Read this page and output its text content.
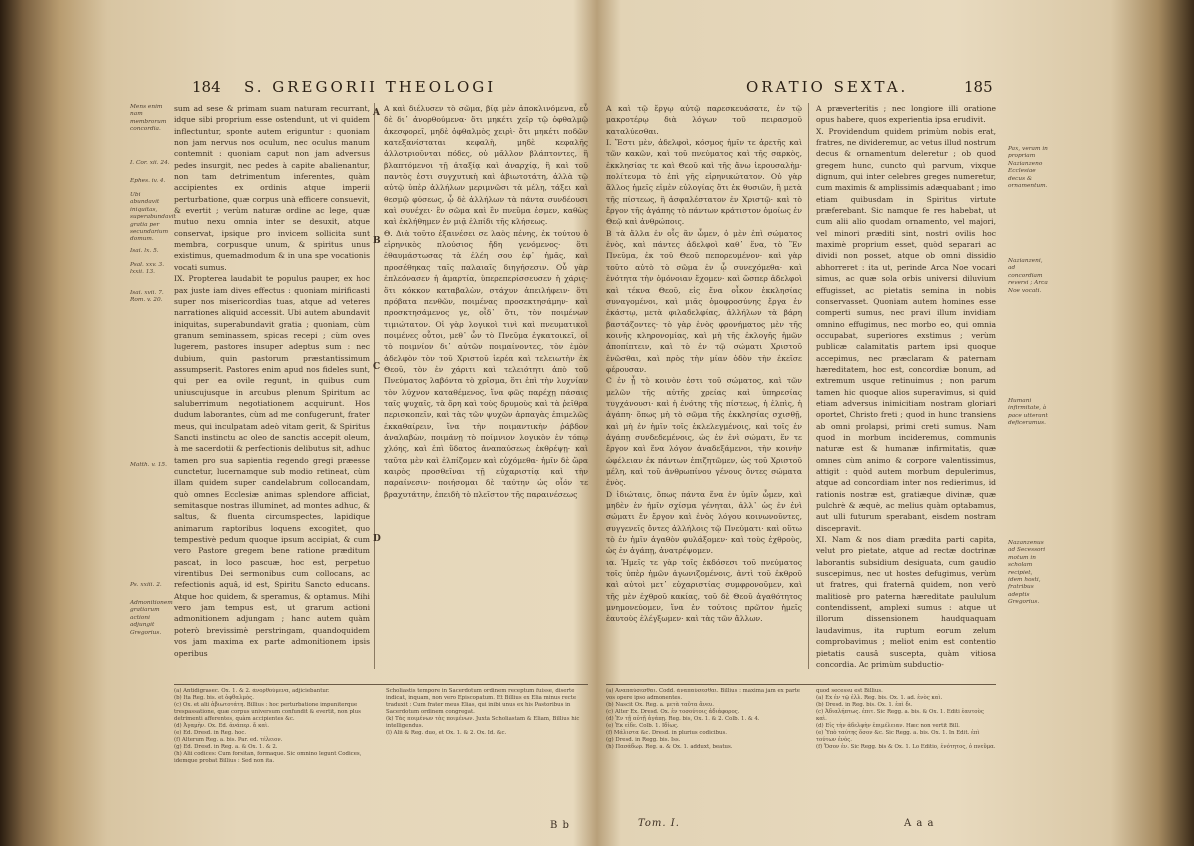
184 S. GREGORII THEOLOGI
Mens enim nam membrorum concordia.
I. Cor. xii. 24.
Ephes. iv. 4.
Ubi abundavit iniquitas, superabundavit gratia per secundarium domum.
Isai. lx. 5.
Psal. xxv. 3. lxxii. 13.
Isai. xvii. 7. Rom. v. 20.
Matth. v. 15.
Ps. xxiii. 2.
Admonitionem gratiarum actioni adjungit Gregorius.

sum ad sese & primam suam naturam recurrant, idque sibi proprium esse ostendunt, ut vi quidem inflectuntur, sponte autem eriguntur : quoniam non jam nervus nos oculum, nec oculus manum contemnit : quoniam caput non jam adversus pedes insurgit, nec pedes à capite abalienantur, non tam detrimentum inferentes, quàm accipientes ex ordinis atque imperii perturbatione, quæ corpus unà efficere consuevit, & evertit ; verùm naturæ ordine ac lege, quæ mutuo nexu omnia inter se desuxit, atque conservat, ipsique pro invicem sollicita sunt membra, corpusque unum, & spiritus unus existimus, quemadmodum & in una spe vocationis vocati sumus.

IX. Propterea laudabit te populus pauper, ex hoc pax juste iam dives effectus : quoniam mirificasti super nos misericordias tuas, atque ad veteres narrationes aliquid accessit. Ubi autem abundavit iniquitas, superabundavit gratia ; quoniam, cùm granum seminassem, spicas recepi ; cùm oves lugerem, pastores insuper adeptus sum : nec dubium, quin pastorum præstantissimum assumpserit. Pastores enim apud nos fideles sunt, qui per ea ovile regunt, in quibus cum uniuscujusque in arcubus plenum Spiritum ac saluberrimum negotiationem acquirunt. Hos dudum laborantes, cùm ad me confugerunt, frater meus, qui inculpatam adeò vitam gerit, & Spiritus Sancti instinctu ac oleo de sanctis accepit oleum, à me sacerdotii & perfectionis delibutus sit, adhuc tamen pro sua sapientia regendo gregi præesse cunctetur, lucernamque sub modio retineat, cùm illam quidem super candelabrum collocandam, quò omnes Ecclesiæ animas splendore afficiat, semitasque nostras illuminet, ad montes adhuc, & saltus, & fluenta circumspectes, lapidique animarum raptoribus loquens excogitet, quo tempestivè pedum quoque ipsum accipiat, & cum vero Pastore gregem bene ratione præditum pascat, in loco pascuæ, hoc est, perpetuo virentibus Dei sermonibus cum collocans, ac refectionis aquâ, id est, Spiritu Sancto educans. Atque hoc quidem, & speramus, & optamus. Mihi vero jam tempus est, ut grarum actioni admonitionem adjungam ; hanc autem quàm poterò brevissimè perstringam, quandoquidem vos jam maxima ex parte admonitionem ipsis operibus

A
B
C
D

A καὶ διέλυσεν τὸ σῶμα, βίᾳ μὲν ἀποκλινόμενα, εὖ δὲ δι᾽ ἀνορθούμενα· ὅτι μηκέτι χεῖρ τῷ ὀφθαλμῷ ἀκεσφορεῖ, μηδὲ ὀφθαλμὸς χειρὶ· ὅτι μηκέτι ποδῶν κατεξανίσταται κεφαλὴ, μηδὲ κεφαλῆς ἀλλοτριοῦνται πόδες, οὐ μᾶλλον βλάπτοντες, ἢ βλαπτόμενοι τῇ ἀταξίᾳ καὶ ἀναρχίᾳ, ἣ καὶ τοῦ παντὸς ἐστι συγχυτικὴ καὶ ἀβιωτοτάτη, ἀλλὰ τῷ αὐτῷ ὑπὲρ ἀλλήλων μεριμνῶσι τὰ μέλη, τάξει καὶ θεσμῷ φύσεως, ᾧ δὲ ἀλλήλων τὰ πάντα συνδέουσι καὶ συνέχει· ἓν σῶμα καὶ ἓν πνεῦμα ἐσμεν, καθὼς καὶ ἐκλήθημεν ἐν μιᾷ ἐλπίδι τῆς κλήσεως.

Θ. Διὰ τοῦτο ἐξαινέσει σε λαὸς πένης, ἐκ τούτου ὁ εἰρηνικὸς πλούσιος ἤδη γενόμενος· ὅτι ἐθαυμάστωσας τὰ ἐλέη σου ἐφ᾽ ἡμᾶς, καὶ προσέθηκας ταῖς παλαιαῖς διηγήσεσιν. Οὗ γὰρ ἐπλεόνασεν ἡ ἁμαρτία, ὑπερεπερίσσευσεν ἡ χάρις· ὅτι κόκκον καταβαλὼν, στάχυν ἀπειλήφειν· ὅτι πρόβατα πενθῶν, ποιμένας προσεκτησάμην· καὶ προσκτησάμενος γε, οἶδ᾽ ὅτι, τὸν ποιμένων τιμιώτατον. Οἱ γὰρ λογικοὶ τινὶ καὶ πνευματικοὶ ποιμένες οὗτοι, μεθ᾽ ὧν τὸ Πνεῦμα ἐγκατοικεῖ, οἱ τὸ ποιμνίον δι᾽ αὐτῶν ποιμαίνοντες, τὸν ἐμὸν ἀδελφὸν τὸν τοῦ Χριστοῦ ἱερέα καὶ τελειωτὴν ἐκ Θεοῦ, τὸν ἐν χάριτι καὶ τελειότητι ἀπὸ τοῦ Πνεύματος λαβόντα τὸ χρῖσμα, ὅτι ἐπὶ τὴν λυχνίαν τὸν λύχνον καταθέμενος, ἵνα φῶς παρέχῃ πάσαις ταῖς ψυχαῖς, τὰ ὄρη καὶ τοὺς δρυμοὺς καὶ τὰ ῥεῖθρα περισκοπεῖν, καὶ τὰς τῶν ψυχῶν ἁρπαγὰς ἐπιμελῶς ἐκκαθαίρειν, ἵνα τὴν ποιμαντικὴν ῥάβδον ἀναλαβὼν, ποιμάνῃ τὸ ποίμνιον λογικὸν ἐν τόπῳ χλόης, καὶ ἐπὶ ὕδατος ἀναπαύσεως ἐκθρέψῃ· καὶ ταῦτα μὲν καὶ ἐλπίζομεν καὶ εὐχόμεθα· ἡμῖν δὲ ὥρα καιρὸς προσθεῖναι τῇ εὐχαριστίᾳ καὶ τὴν παραίνεσιν· ποιήσομαι δὲ ταύτην ὡς οἷόν τε βραχυτάτην, ἐπειδὴ τὸ πλεῖστον τῆς παραινέσεως

(a) Antidigrasec. Ox. 1. & 2. ἀνορθούμενα, adjiciebantur.

(b) Ita Reg. bis. et ὀφθαλμὸς.

(c) Ox. et alii ἀβιωτοτάτη. Billius : hoc perturbatione impuniterque trespassatione, quæ corpus universum confundit & evertit, non plus detrimenti afferentes, quàm accipientes &c.

(d) Ἀγαμὴν. Ox. Ed. ἀνάπερ. ἄ καὶ.

(e) Ed. Dresd. in Reg. hoc.

(f) Alterum Reg. a. bis. Par. ed. τέλειον.

(g) Ed. Dresd. in Reg. a. & Ox. 1. & 2.

(h) Alii codices: Cum forsitan, formaque. Sic omnino legunt Codices, idemque probat Billius : Sed non ita.

Scholiastis tempore in Sacerdotum ordinem receptum fuisse, diserte indicat, inquam, non vero Episcopatum. Et Billius ex Elia minus recte traduxit : Cum frater meus Elias, qui inibi unus ex his Pastoribus in Sacerdotum ordinem congregat.

(k) Τὰς ποιμένων τὰς ποιμένων. Juxta Scholiastam & Eliam, Billius hic intelligendus.

(l) Alii & Reg. duo, et Ox. 1. & 2. Ox. Id. &c.

B b
ORATIO SEXTA.	185

A καὶ τῷ ἔργῳ αὐτῷ παρεσκευάσατε, ἐν τῷ μακροτέρῳ διὰ λόγων τοῦ πειρασμοῦ καταλύεσθαι.

Ι. Ἕστι μὲν, ἀδελφοὶ, κόσμος ἡμῖν τε ἀρετῆς καὶ τῶν κακῶν, καὶ τοῦ πνεύματος καὶ τῆς σαρκὸς, ἐκκλησίας τε καὶ Θεοῦ καὶ τῆς ἄνω ἱερουσαλὴμ· πολίτευμα τὸ ἐπὶ γῆς εἰρηνικώτατον. Οὐ γὰρ ἄλλος ἡμεῖς εἰμὲν εὐλογίας ὅτι ἐκ θυσιῶν, ἢ μετὰ τῆς πίστεως, ἢ ἀσφαλέστατον ἐν Χριστῷ· καὶ τὸ ἔργον τῆς ἀγάπης τὸ πάντων κράτιστον ὁμοίως ἐν Θεῷ καὶ ἀνθρώποις.

B τὰ ἄλλα ἐν οἷς ἂν ὦμεν, ὁ μὲν ἐπὶ σώματος ἑνὸς, καὶ πάντες ἀδελφοὶ καθ᾽ ἕνα, τὸ Ἓν Πνεῦμα, ἐκ τοῦ Θεοῦ πεπορευμένον· καὶ γὰρ τοῦτο αὐτὸ τὸ σῶμα ἐν ᾧ συνεχόμεθα· καὶ ἑνότητα τὴν ὁμόνοιαν ἔχομεν· καὶ ὥσπερ ἀδελφοὶ καὶ τέκνα Θεοῦ, εἰς ἕνα οἶκον ἐκκλησίας συναγομένοι, καὶ μιᾶς ὁμοφροσύνης ἔργα ἐν ἑκάστῳ, μετὰ φιλαδελφίας, ἀλλήλων τὰ βάρη βαστάζοντες· τὸ γὰρ ἑνὸς φρονήματος μὲν τῆς κοινῆς κληρονομίας, καὶ μὴ τῆς ἐκλογῆς ἡμῶν ἀποπίπτειν, καὶ τὸ ἐν τῷ σώματι Χριστοῦ ἑνῶσθαι, καὶ πρὸς τὴν μίαν ὁδὸν τὴν ἐκεῖσε φέρουσαν.

C ἐν ᾗ τὸ κοινὸν ἐστι τοῦ σώματος, καὶ τῶν μελῶν τῆς αὐτῆς χρείας καὶ ὑπηρεσίας τυγχάνουσι· καὶ ἡ ἑνότης τῆς πίστεως, ἡ ἐλπὶς, ἡ ἀγάπη· ὅπως μὴ τὸ σῶμα τῆς ἐκκλησίας σχισθῇ, καὶ μὴ ἐν ἡμῖν τοῖς ἐκλελεγμένοις, καὶ τοῖς ἐν ἀγάπῃ συνδεδεμένοις, ὡς ἐν ἑνὶ σώματι, ἕν τε ἔργον καὶ ἕνα λόγον ἀναδεξάμενοι, τὴν κοινὴν ὠφέλειαν ἐκ πάντων ἐπιζητῶμεν, ὡς τοῦ Χριστοῦ μέλη, καὶ τοῦ ἀνθρωπίνου γένους ὄντες σώματα ἑνὸς.

D ἰδιώταις, ὅπως πάντα ἕνα ἐν ὑμῖν ὦμεν, καὶ μηδὲν ἐν ἡμῖν σχίσμα γένηται, ἀλλ᾽ ὡς ἐν ἑνὶ σώματι ἕν ἔργον καὶ ἑνὸς λόγου κοινωνοῦντες, συγγενεῖς ὄντες ἀλλήλοις τῷ Πνεύματι· καὶ οὕτω τὸ ἐν ἡμῖν ἀγαθὸν φυλάξομεν· καὶ τοὺς ἐχθροὺς, ὡς ἐν ἀγάπῃ, ἀνατρέψομεν.

ια. Ἡμεῖς τε γὰρ τοῖς ἐκδόσεσι τοῦ πνεύματος τοῖς ὑπὲρ ἡμῶν ἀγωνιζομένοις, ἀντὶ τοῦ ἐκθροῦ καὶ αὐτοὶ μετ᾽ εὐχαριστίας συμφρονοῦμεν, καὶ τῆς μὲν ἐχθροῦ κακίας, τοῦ δὲ Θεοῦ ἀγαθότητος μνημονεύομεν, ἵνα ἐν τούτοις πρῶτον ἡμεῖς ἑαυτοὺς ἐλέγξωμεν· καὶ τὰς τῶν ἄλλων.

A præverteritis ; nec longiore illi oratione opus habere, quos experientia ipsa erudivit.

X. Providendum quidem primùm nobis erat, fratres, ne divideremur, ac vetus illud nostrum decus & ornamentum deleretur ; ob quod gregem hunc, cuncto quì parvum, vixque dignum, qui inter celebres greges numeretur, cum maximis & amplissimis adæquabant ; imo etiam quibusdam in Spiritus virtute præferebant. Sic namque fe res habebat, ut cum alii alio quodam ornamento, vel majori, vel minori præditi sint, nostri ovilis hoc maximè proprium esset, quòd separari ac dividi non posset, atque ob omni dissidio abhorreret : ita ut, perinde Arca Noe vocari simus, ac quæ sola orbis universi diluvium effugisset, ac pietatis semina in nobis conservasset. Quoniam autem homines esse comperti sumus, nec pravi illum invidiam omnino effugimus, nec morbo eo, qui omnia occupabat, superiores exstimus ; verùm publicæ calamitatis partem ipsi quoque accepimus, nec præclaram & paternam hæreditatem, hoc est, concordiæ bonum, ad extremum usque retinuimus ; non parum tamen hic quoque alios superavimus, si quid etiam adversus inimicitiam nostram gloriari oportet, Christo freti ; quod in hunc transiens ab omni prolapsi, primi creti sumus. Nam quod in morbum incideremus, communis naturæ est & humanæ infirmitatis, quæ omnes cùm animo & corpore valentissimus, attigit : quòd autem morbum depulerimus, atque ad concordiam inter nos redierimus, id rationis nostræ est, gratiæque divinæ, quæ pulchrè & æquè, ac melius quàm optabamus, aut ulli futurum sperabant, eisdem nostram discepravit.

XI. Nam & nos diam prædita parti capita, velut pro pietate, atque ad rectæ doctrinæ laborantis subsidium desiguata, cum gaudio suscepimus, nec ut hostes defugimus, verùm ut fratres, qui fraternâ quidem, non verò malitiosè pro paterna hæreditate paululum contendissent, amplexi sumus : atque ut illorum dissensionem haudquaquam laudavimus, ita ruptum eorum zelum comprobavimus ; meliot enim est contentio pietatis causâ suscepta, quàm vitiosa concordia. Ac primùm subductio-

Pax, veram in propriam Nazianzeno Ecclesiae decus & ornamentum.
Nazianzeni, ad concordiam reversi ; Arca Noe vocati.
Humani infirmitate, à pace utterant deficeramus.
Nazanzenus ad Secessori motum in scholam recipiet, idem hosti, fratribus adeptis Gregorius.

(a) Ἀναπαύσεσθαι. Codd. ἀναπαύσεσθαι. Billius : maxima jam ex parte vos opere ipso admonentes.

(b) Nascit Ox. Reg. a. μετὰ ταῦτα ἄνευ.

(c) Alter Ex. Dresd. Ox. ἐν τοσούτοις ἀδιάφορος.

(d) Ἐν τῇ αὐτῇ ἀγάπῃ. Reg. bis, Ox. 1. & 2. Colb. 1. & 4.

(e) Ἐκ εἰδε. Colb. 1. Ιδίως.

(f) Μάλιστα &c. Dresd. in plurius codicibus.

(g) Dresd. in Regg. bis. Iss.

(h) Πασάδωρ. Reg. a. & Ox. 1. adduxt, beatus.

quod secessu est Billius.

(a) Ex ἐν τῷ ἐλλ. Reg. bis. Ox. 1. ad. ἑνὸς καὶ.

(b) Dresd. in Reg. bis. Ox. 1. ἐπὶ δι.

(c) Ἀδιαλήπτως. ἐπιτ. Sic Regg. a. bis. & Ox. 1. Editi ἑαυτοὺς καὶ.

(d) Εἰς τὴν ἀδελφὴν ἐπιμέλειαν. Hæc non vertit Bill.

(e) Ὑπὸ ταύτης ὅσον &c. Sic Regg. a. bis. Ox. 1. In Edit. ἐπὶ τούτων ἑνὸς.

(f) Ὅσον ἐν. Sic Regg. bis & Ox. 1. Lo Editio, ἑνότητος, ὁ πνεῦμα.

Tom. I.	A a a
